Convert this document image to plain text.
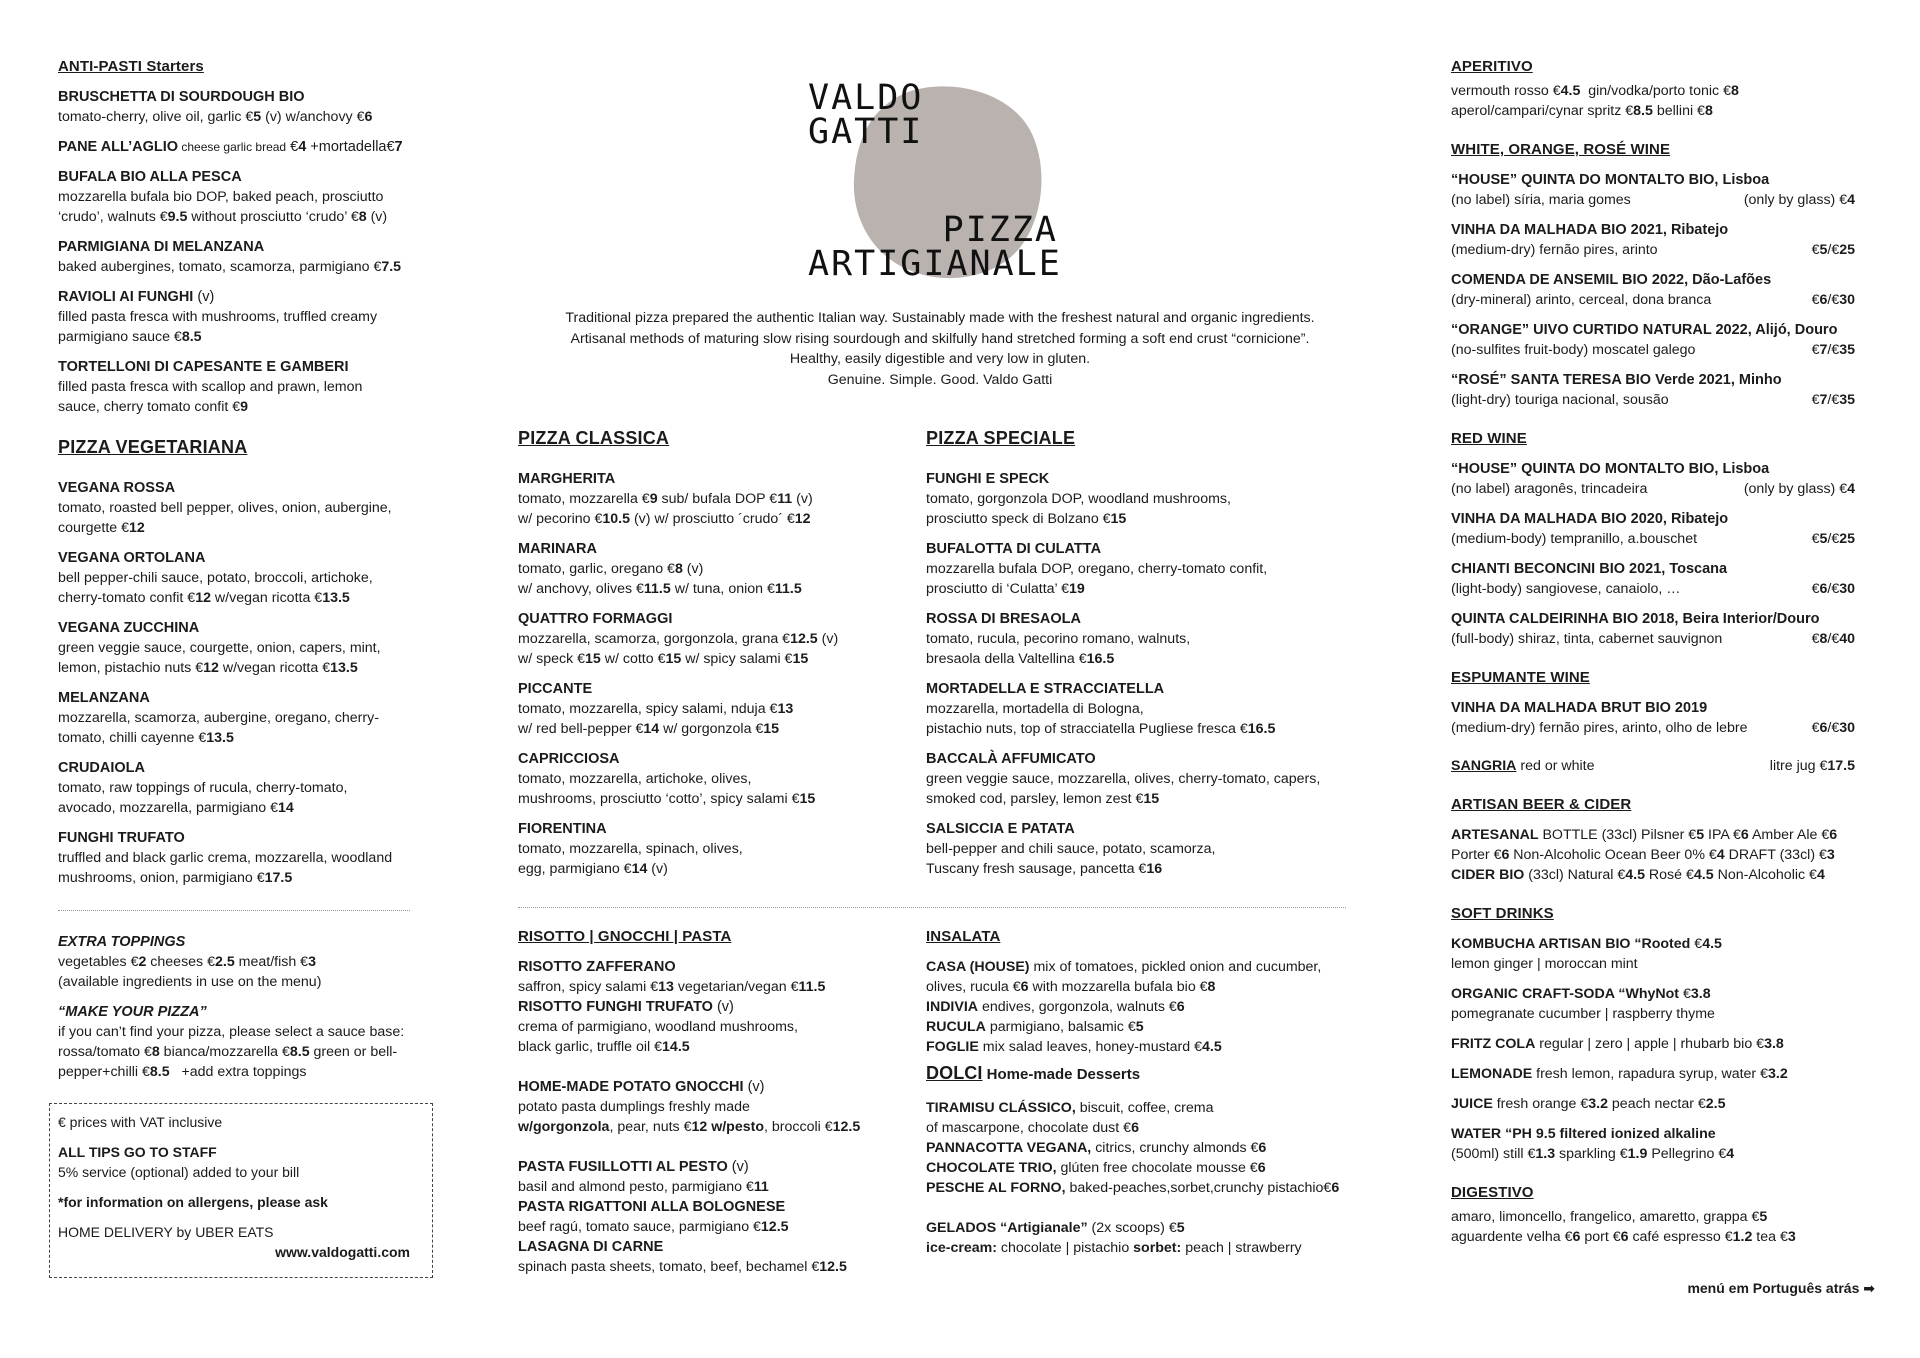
VALDO
GATTI
PIZZA
ARTIGIANALE
Traditional pizza prepared the authentic Italian way. Sustainably made with the freshest natural and organic ingredients.
Artisanal methods of maturing slow rising sourdough and skilfully hand stretched forming a soft end crust “cornicione”.
Healthy, easily digestible and very low in gluten.
Genuine. Simple. Good. Valdo Gatti
ANTI-PASTI Starters
BRUSCHETTA DI SOURDOUGH BIO
tomato-cherry, olive oil, garlic €5 (v) w/anchovy €6
PANE ALL’AGLIO cheese garlic bread €4 +mortadella€7
BUFALA BIO ALLA PESCA
mozzarella bufala bio DOP, baked peach, prosciutto
‘crudo’, walnuts €9.5 without prosciutto ‘crudo’ €8 (v)
PARMIGIANA DI MELANZANA
baked aubergines, tomato, scamorza, parmigiano €7.5
RAVIOLI AI FUNGHI (v)
filled pasta fresca with mushrooms, truffled creamy
parmigiano sauce €8.5
TORTELLONI DI CAPESANTE E GAMBERI
filled pasta fresca with scallop and prawn, lemon
sauce, cherry tomato confit €9
PIZZA VEGETARIANA
VEGANA ROSSA
tomato, roasted bell pepper, olives, onion, aubergine,
courgette €12
VEGANA ORTOLANA
bell pepper-chili sauce, potato, broccoli, artichoke,
cherry-tomato confit €12 w/vegan ricotta €13.5
VEGANA ZUCCHINA
green veggie sauce, courgette, onion, capers, mint,
lemon, pistachio nuts €12 w/vegan ricotta €13.5
MELANZANA
mozzarella, scamorza, aubergine, oregano, cherry-
tomato, chilli cayenne €13.5
CRUDAIOLA
tomato, raw toppings of rucula, cherry-tomato,
avocado, mozzarella, parmigiano €14
FUNGHI TRUFATO
truffled and black garlic crema, mozzarella, woodland
mushrooms, onion, parmigiano €17.5
EXTRA TOPPINGS
vegetables €2 cheeses €2.5 meat/fish €3
(available ingredients in use on the menu)
“MAKE YOUR PIZZA”
if you can’t find your pizza, please select a sauce base:
rossa/tomato €8 bianca/mozzarella €8.5 green or bell-
pepper+chilli €8.5   +add extra toppings
€ prices with VAT inclusive
ALL TIPS GO TO STAFF
5% service (optional) added to your bill
*for information on allergens, please ask
HOME DELIVERY by UBER EATS
www.valdogatti.com
PIZZA CLASSICA
MARGHERITA
tomato, mozzarella €9 sub/ bufala DOP €11 (v)
w/ pecorino €10.5 (v) w/ prosciutto ´crudo´ €12
MARINARA
tomato, garlic, oregano €8 (v)
w/ anchovy, olives €11.5 w/ tuna, onion €11.5
QUATTRO FORMAGGI
mozzarella, scamorza, gorgonzola, grana €12.5 (v)
w/ speck €15 w/ cotto €15 w/ spicy salami €15
PICCANTE
tomato, mozzarella, spicy salami, nduja €13
w/ red bell-pepper €14 w/ gorgonzola €15
CAPRICCIOSA
tomato, mozzarella, artichoke, olives,
mushrooms, prosciutto ‘cotto’, spicy salami €15
FIORENTINA
tomato, mozzarella, spinach, olives,
egg, parmigiano €14 (v)
PIZZA SPECIALE
FUNGHI E SPECK
tomato, gorgonzola DOP, woodland mushrooms,
prosciutto speck di Bolzano €15
BUFALOTTA DI CULATTA
mozzarella bufala DOP, oregano, cherry-tomato confit,
prosciutto di ‘Culatta’ €19
ROSSA DI BRESAOLA
tomato, rucula, pecorino romano, walnuts,
bresaola della Valtellina €16.5
MORTADELLA E STRACCIATELLA
mozzarella, mortadella di Bologna,
pistachio nuts, top of stracciatella Pugliese fresca €16.5
BACCALÀ AFFUMICATO
green veggie sauce, mozzarella, olives, cherry-tomato, capers,
smoked cod, parsley, lemon zest €15
SALSICCIA E PATATA
bell-pepper and chili sauce, potato, scamorza,
Tuscany fresh sausage, pancetta €16
RISOTTO | GNOCCHI | PASTA
RISOTTO ZAFFERANO
saffron, spicy salami €13 vegetarian/vegan €11.5
RISOTTO FUNGHI TRUFATO (v)
crema of parmigiano, woodland mushrooms,
black garlic, truffle oil €14.5
HOME-MADE POTATO GNOCCHI (v)
potato pasta dumplings freshly made
w/gorgonzola, pear, nuts €12 w/pesto, broccoli €12.5
PASTA FUSILLOTTI AL PESTO (v)
basil and almond pesto, parmigiano €11
PASTA RIGATTONI ALLA BOLOGNESE
beef ragú, tomato sauce, parmigiano €12.5
LASAGNA DI CARNE
spinach pasta sheets, tomato, beef, bechamel €12.5
INSALATA
CASA (HOUSE) mix of tomatoes, pickled onion and cucumber,
olives, rucula €6 with mozzarella bufala bio €8
INDIVIA endives, gorgonzola, walnuts €6
RUCULA parmigiano, balsamic €5
FOGLIE mix salad leaves, honey-mustard €4.5
DOLCI Home-made Desserts
TIRAMISU CLÁSSICO, biscuit, coffee, crema
of mascarpone, chocolate dust €6
PANNACOTTA VEGANA, citrics, crunchy almonds €6
CHOCOLATE TRIO, glúten free chocolate mousse €6
PESCHE AL FORNO, baked-peaches,sorbet,crunchy pistachio€6
GELADOS “Artigianale” (2x scoops) €5
ice-cream: chocolate | pistachio sorbet: peach | strawberry
APERITIVO
vermouth rosso €4.5  gin/vodka/porto tonic €8
aperol/campari/cynar spritz €8.5 bellini €8
WHITE, ORANGE, ROSÉ WINE
“HOUSE” QUINTA DO MONTALTO BIO, Lisboa
(no label) síria, maria gomes	(only by glass) €4
VINHA DA MALHADA BIO 2021, Ribatejo
(medium-dry) fernão pires, arinto	€5/€25
COMENDA DE ANSEMIL BIO 2022, Dão-Lafões
(dry-mineral) arinto, cerceal, dona branca	€6/€30
“ORANGE” UIVO CURTIDO NATURAL 2022, Alijó, Douro
(no-sulfites fruit-body) moscatel galego	€7/€35
“ROSÉ” SANTA TERESA BIO Verde 2021, Minho
(light-dry) touriga nacional, sousão	€7/€35
RED WINE
“HOUSE” QUINTA DO MONTALTO BIO, Lisboa
(no label) aragonês, trincadeira	(only by glass) €4
VINHA DA MALHADA BIO 2020, Ribatejo
(medium-body) tempranillo, a.bouschet	€5/€25
CHIANTI BECONCINI BIO 2021, Toscana
(light-body) sangiovese, canaiolo, …	€6/€30
QUINTA CALDEIRINHA BIO 2018, Beira Interior/Douro
(full-body) shiraz, tinta, cabernet sauvignon	€8/€40
ESPUMANTE WINE
VINHA DA MALHADA BRUT BIO 2019
(medium-dry) fernão pires, arinto, olho de lebre	€6/€30
SANGRIA red or white	litre jug €17.5
ARTISAN BEER & CIDER
ARTESANAL BOTTLE (33cl) Pilsner €5 IPA €6 Amber Ale €6
Porter €6 Non-Alcoholic Ocean Beer 0% €4 DRAFT (33cl) €3
CIDER BIO (33cl) Natural €4.5 Rosé €4.5 Non-Alcoholic €4
SOFT DRINKS
KOMBUCHA ARTISAN BIO “Rooted €4.5
lemon ginger | moroccan mint
ORGANIC CRAFT-SODA “WhyNot €3.8
pomegranate cucumber | raspberry thyme
FRITZ COLA regular | zero | apple | rhubarb bio €3.8
LEMONADE fresh lemon, rapadura syrup, water €3.2
JUICE fresh orange €3.2 peach nectar €2.5
WATER “PH 9.5 filtered ionized alkaline
(500ml) still €1.3 sparkling €1.9 Pellegrino €4
DIGESTIVO
amaro, limoncello, frangelico, amaretto, grappa €5
aguardente velha €6 port €6 café espresso €1.2 tea €3
menú em Português atrás ➡
